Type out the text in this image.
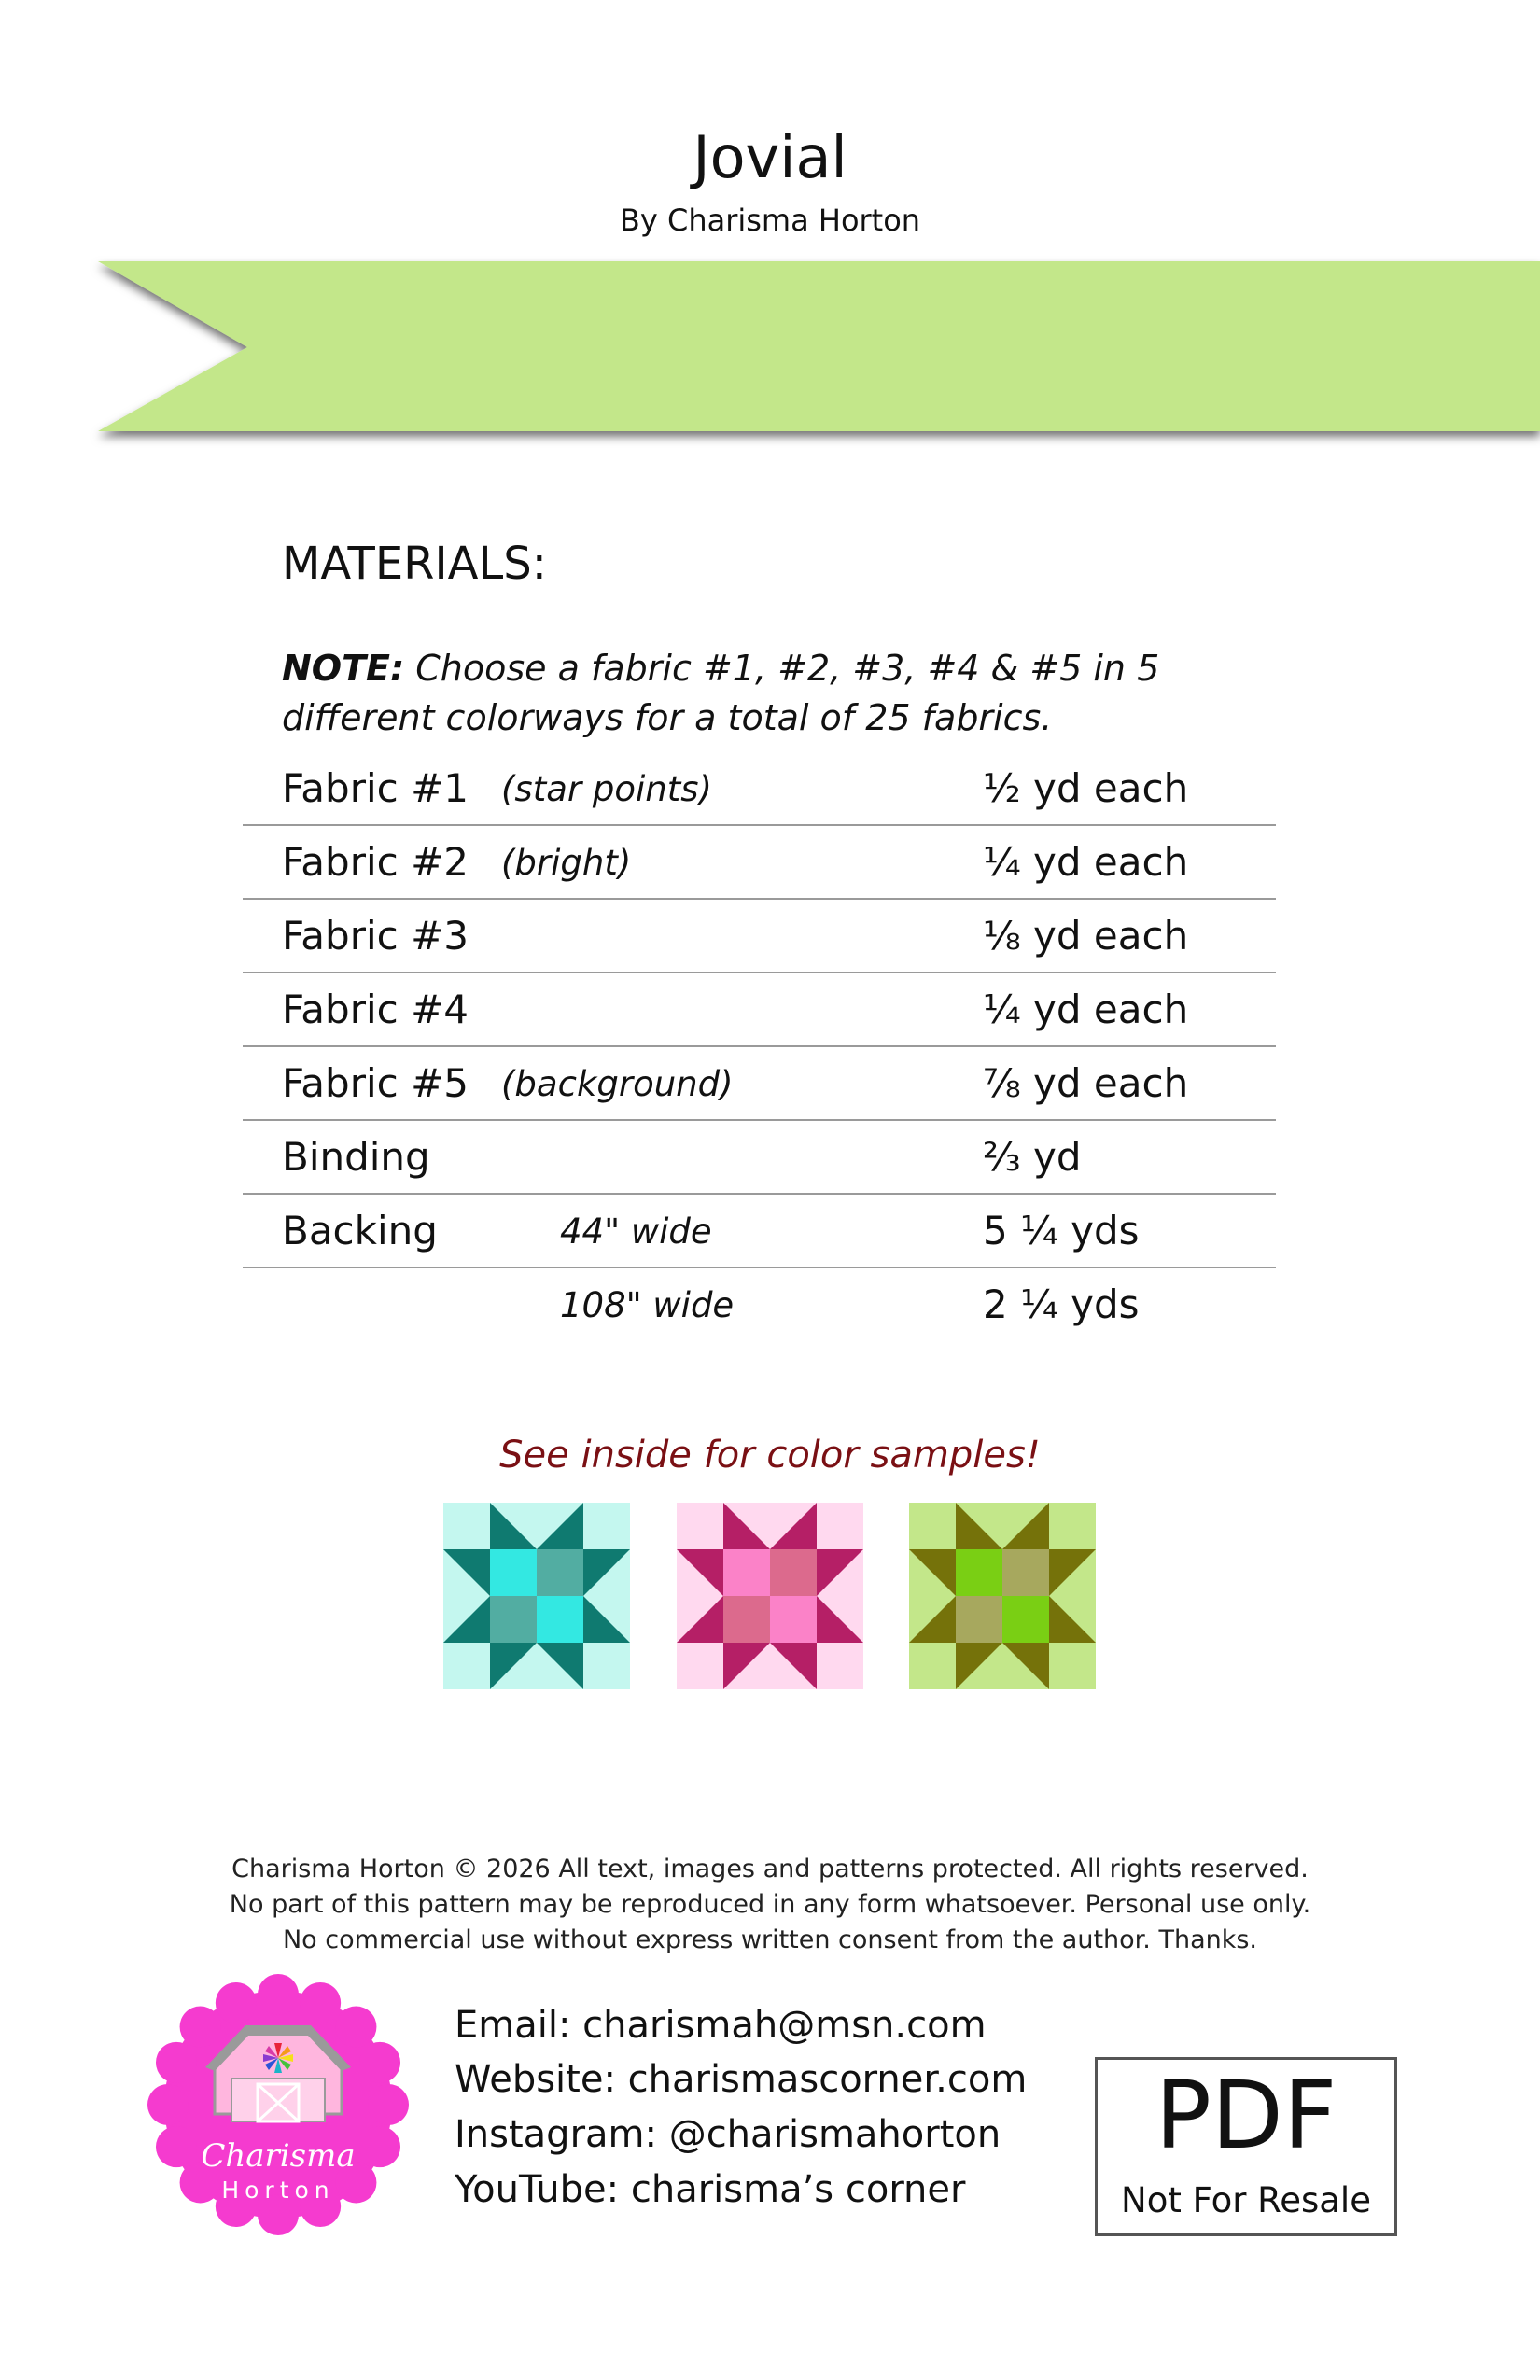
Jovial
By Charisma Horton
MATERIALS:
NOTE: Choose a fabric #1, #2, #3, #4 & #5 in 5 different colorways for a total of 25 fabrics.
Fabric #1 (star points)	½ yd each
Fabric #2 (bright)	¼ yd each
Fabric #3	⅛ yd each
Fabric #4	¼ yd each
Fabric #5 (background)	⅞ yd each
Binding	⅔ yd
Backing	44" wide	5 ¼ yds
108" wide	2 ¼ yds
See inside for color samples!
Charisma Horton © 2026 All text, images and patterns protected. All rights reserved.
No part of this pattern may be reproduced in any form whatsoever. Personal use only.
No commercial use without express written consent from the author. Thanks.
Charisma
Horton
Email: charismah@msn.com
Website: charismascorner.com
Instagram: @charismahorton
YouTube: charisma’s corner
PDF
Not For Resale
